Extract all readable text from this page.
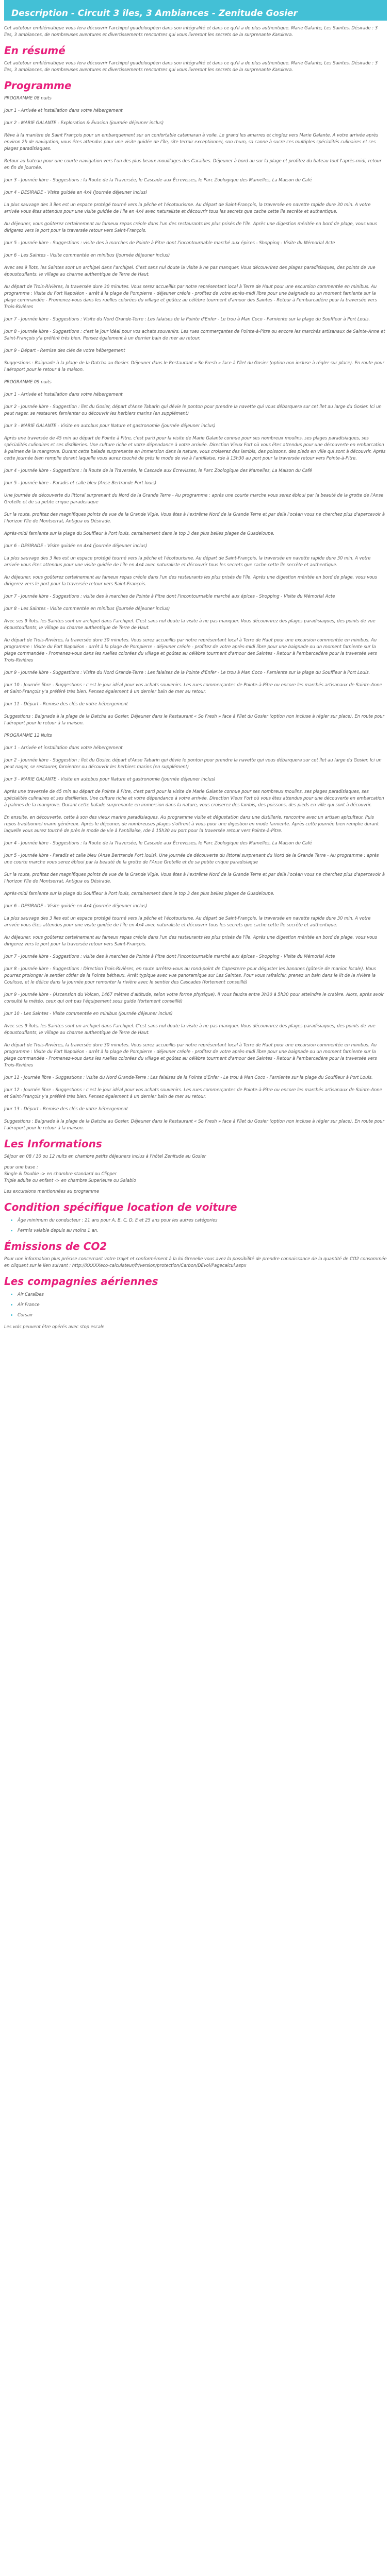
Description - Circuit 3 îles, 3 Ambiances - Zenitude Gosier

Cet autotour emblématique vous fera découvrir l'archipel guadeloupéen dans son intégralité et dans ce qu'il a de plus authentique. Marie Galante, Les Saintes, Désirade : 3 îles, 3 ambiances, de nombreuses aventures et divertissements rencontres qui vous livreront les secrets de la surprenante Karukera.

En résumé

Cet autotour emblématique vous fera découvrir l'archipel guadeloupéen dans son intégralité et dans ce qu'il a de plus authentique. Marie Galante, Les Saintes, Désirade : 3 îles, 3 ambiances, de nombreuses aventures et divertissements rencontres qui vous livreront les secrets de la surprenante Karukera.

Programme

PROGRAMME 08 nuits

Jour 1 - Arrivée et installation dans votre hébergement

Jour 2 - MARIE GALANTE - Exploration & Évasion (journée déjeuner inclus)

Rêve à la manière de Saint François pour un embarquement sur un confortable catamaran à voile. Le grand les amarres et cinglez vers Marie Galante. A votre arrivée après environ 2h de navigation, vous êtes attendus pour une visite guidée de l'île, site terroir exceptionnel, son rhum, sa canne à sucre ces multiples spécialités culinaires et ses plages paradisiaques.

Retour au bateau pour une courte navigation vers l'un des plus beaux mouillages des Caraïbes. Déjeuner à bord au sur la plage et profitez du bateau tout l'après-midi, retour en fin de journée.

Jour 3 - Journée libre - Suggestions : la Route de la Traversée, le Cascade aux Écrevisses, le Parc Zoologique des Mamelles, La Maison du Café

Jour 4 - DESIRADE - Visite guidée en 4x4 (journée déjeuner inclus)

La plus sauvage des 3 îles est un espace protégé tourné vers la pêche et l'écotourisme. Au départ de Saint-François, la traversée en navette rapide dure 30 min. A votre arrivée vous êtes attendus pour une visite guidée de l'île en 4x4 avec naturaliste et découvrir tous les secrets que cache cette île secrète et authentique.

Au déjeuner, vous goûterez certainement au fameux repas créole dans l'un des restaurants les plus prisés de l'île. Après une digestion méritée en bord de plage, vous vous dirigerez vers le port pour la traversée retour vers Saint-François.

Jour 5 - Journée libre - Suggestions : visite des à marches de Pointe à Pitre dont l'incontournable marché aux épices - Shopping - Visite du Mémorial Acte

Jour 6 - Les Saintes - Visite commentée en minibus (journée déjeuner inclus)

Avec ses 9 îlots, les Saintes sont un archipel dans l'archipel. C'est sans nul doute la visite à ne pas manquer. Vous découvrirez des plages paradisiaques, des points de vue époustouflants, le village au charme authentique de Terre de Haut.

Au départ de Trois-Rivières, la traversée dure 30 minutes. Vous serez accueillis par notre représentant local à Terre de Haut pour une excursion commentée en minibus. Au programme : Visite du Fort Napoléon - arrêt à la plage de Pompierre - déjeuner créole - profitez de votre après-midi libre pour une baignade ou un moment farniente sur la plage commandée - Promenez-vous dans les ruelles colorées du village et goûtez au célèbre tourment d'amour des Saintes - Retour à l'embarcadère pour la traversée vers Trois-Rivières

Jour 7 - Journée libre - Suggestions : Visite du Nord Grande-Terre : Les falaises de la Pointe d'Enfer - Le trou à Man Coco - Farniente sur la plage du Souffleur à Port Louis.

Jour 8 - Journée libre - Suggestions : c'est le jour idéal pour vos achats souvenirs. Les rues commerçantes de Pointe-à-Pitre ou encore les marchés artisanaux de Sainte-Anne et Saint-François y'a préféré très bien. Pensez également à un dernier bain de mer au retour.

Jour 9 - Départ - Remise des clés de votre hébergement

Suggestions : Baignade à la plage de la Datcha au Gosier. Déjeuner dans le Restaurant « So Fresh » face à l'îlet du Gosier (option non incluse à régler sur place). En route pour l'aéroport pour le retour à la maison.

PROGRAMME 09 nuits

Jour 1 - Arrivée et installation dans votre hébergement

Jour 2 - Journée libre - Suggestion : îlet du Gosier, départ d'Anse Tabarin qui dévie le ponton pour prendre la navette qui vous débarquera sur cet îlet au large du Gosier. Ici un peut nager, se restaurer, farnienter ou découvrir les herbiers marins (en supplément)

Jour 3 - MARIE GALANTE - Visite en autobus pour Nature et gastronomie (journée déjeuner inclus)

Après une traversée de 45 min au départ de Pointe à Pitre, c'est parti pour la visite de Marie Galante connue pour ses nombreux moulins, ses plages paradisiaques, ses spécialités culinaires et ses distilleries. Une culture riche et votre dépendance à votre arrivée. Direction Vieux Fort où vous êtes attendus pour une découverte en embarcation à palmes de la mangrove. Durant cette balade surprenante en immersion dans la nature, vous croiserez des lambis, des poissons, des pieds en ville qui sont à découvrir. Après cette journée bien remplie durant laquelle vous aurez touché de près le mode de vie à l'antillaise, rde à 15h30 au port pour la traversée retour vers Pointe-à-Pitre.

Jour 4 - Journée libre - Suggestions : la Route de la Traversée, le Cascade aux Écrevisses, le Parc Zoologique des Mamelles, La Maison du Café

Jour 5 - Journée libre - Paradis et calle bleu (Anse Bertrande Port louis)

Une journée de découverte du littoral surprenant du Nord de la Grande Terre - Au programme : après une courte marche vous serez ébloui par la beauté de la grotte de l'Anse Grotelle et de sa petite crique paradisiaque

Sur la route, profitez des magnifiques points de vue de la Grande Vigie. Vous êtes à l'extrême Nord de la Grande Terre et par delà l'océan vous ne cherchez plus d'apercevoir à l'horizon l'île de Montserrat, Antigua ou Désirade.

Après-midi farniente sur la plage du Souffleur à Port louis, certainement dans le top 3 des plus belles plages de Guadeloupe.

Jour 6 - DESIRADE - Visite guidée en 4x4 (journée déjeuner inclus)

La plus sauvage des 3 îles est un espace protégé tourné vers la pêche et l'écotourisme. Au départ de Saint-François, la traversée en navette rapide dure 30 min. A votre arrivée vous êtes attendus pour une visite guidée de l'île en 4x4 avec naturaliste et découvrir tous les secrets que cache cette île secrète et authentique.

Au déjeuner, vous goûterez certainement au fameux repas créole dans l'un des restaurants les plus prisés de l'île. Après une digestion méritée en bord de plage, vous vous dirigerez vers le port pour la traversée retour vers Saint-François.

Jour 7 - Journée libre - Suggestions : visite des à marches de Pointe à Pitre dont l'incontournable marché aux épices - Shopping - Visite du Mémorial Acte

Jour 8 - Les Saintes - Visite commentée en minibus (journée déjeuner inclus)

Avec ses 9 îlots, les Saintes sont un archipel dans l'archipel. C'est sans nul doute la visite à ne pas manquer. Vous découvrirez des plages paradisiaques, des points de vue époustouflants, le village au charme authentique de Terre de Haut.

Au départ de Trois-Rivières, la traversée dure 30 minutes. Vous serez accueillis par notre représentant local à Terre de Haut pour une excursion commentée en minibus. Au programme : Visite du Fort Napoléon - arrêt à la plage de Pompierre - déjeuner créole - profitez de votre après-midi libre pour une baignade ou un moment farniente sur la plage commandée - Promenez-vous dans les ruelles colorées du village et goûtez au célèbre tourment d'amour des Saintes - Retour à l'embarcadère pour la traversée vers Trois-Rivières

Jour 9 - Journée libre - Suggestions : Visite du Nord Grande-Terre : Les falaises de la Pointe d'Enfer - Le trou à Man Coco - Farniente sur la plage du Souffleur à Port Louis.

Jour 10 - Journée libre - Suggestions : c'est le jour idéal pour vos achats souvenirs. Les rues commerçantes de Pointe-à-Pitre ou encore les marchés artisanaux de Sainte-Anne et Saint-François y'a préféré très bien. Pensez également à un dernier bain de mer au retour.

Jour 11 - Départ - Remise des clés de votre hébergement

Suggestions : Baignade à la plage de la Datcha au Gosier. Déjeuner dans le Restaurant « So Fresh » face à l'îlet du Gosier (option non incluse à régler sur place). En route pour l'aéroport pour le retour à la maison.

PROGRAMME 12 Nuits

Jour 1 - Arrivée et installation dans votre hébergement

Jour 2 - Journée libre - Suggestion : îlet du Gosier, départ d'Anse Tabarin qui dévie le ponton pour prendre la navette qui vous débarquera sur cet îlet au large du Gosier. Ici un peut nager, se restaurer, farnienter ou découvrir les herbiers marins (en supplément)

Jour 3 - MARIE GALANTE - Visite en autobus pour Nature et gastronomie (journée déjeuner inclus)

Après une traversée de 45 min au départ de Pointe à Pitre, c'est parti pour la visite de Marie Galante connue pour ses nombreux moulins, ses plages paradisiaques, ses spécialités culinaires et ses distilleries. Une culture riche et votre dépendance à votre arrivée. Direction Vieux Fort où vous êtes attendus pour une découverte en embarcation à palmes de la mangrove. Durant cette balade surprenante en immersion dans la nature, vous croiserez des lambis, des poissons, des pieds en ville qui sont à découvrir.

En ensuite, en découverte, cette à son des vieux marins paradisiaques. Au programme visite et dégustation dans une distillerie, rencontre avec un artisan apiculteur. Puis repos traditionnel marin généreux. Après le déjeuner, de nombreuses plages s'offrent à vous pour une digestion en mode farniente. Après cette journée bien remplie durant laquelle vous aurez touché de près le mode de vie à l'antillaise, rde à 15h30 au port pour la traversée retour vers Pointe-à-Pitre.

Jour 4 - Journée libre - Suggestions : la Route de la Traversée, le Cascade aux Écrevisses, le Parc Zoologique des Mamelles, La Maison du Café

Jour 5 - Journée libre - Paradis et calle bleu (Anse Bertrande Port louis). Une journée de découverte du littoral surprenant du Nord de la Grande Terre - Au programme : après une courte marche vous serez ébloui par la beauté de la grotte de l'Anse Grotelle et de sa petite crique paradisiaque

Sur la route, profitez des magnifiques points de vue de la Grande Vigie. Vous êtes à l'extrême Nord de la Grande Terre et par delà l'océan vous ne cherchez plus d'apercevoir à l'horizon l'île de Montserrat, Antigua ou Désirade.

Après-midi farniente sur la plage du Souffleur à Port louis, certainement dans le top 3 des plus belles plages de Guadeloupe.

Jour 6 - DESIRADE - Visite guidée en 4x4 (journée déjeuner inclus)

La plus sauvage des 3 îles est un espace protégé tourné vers la pêche et l'écotourisme. Au départ de Saint-François, la traversée en navette rapide dure 30 min. A votre arrivée vous êtes attendus pour une visite guidée de l'île en 4x4 avec naturaliste et découvrir tous les secrets que cache cette île secrète et authentique.

Au déjeuner, vous goûterez certainement au fameux repas créole dans l'un des restaurants les plus prisés de l'île. Après une digestion méritée en bord de plage, vous vous dirigerez vers le port pour la traversée retour vers Saint-François.

Jour 7 - Journée libre - Suggestions : visite des à marches de Pointe à Pitre dont l'incontournable marché aux épices - Shopping - Visite du Mémorial Acte

Jour 8 - Journée libre - Suggestions : Direction Trois-Rivières, en route arrêtez-vous au rond-point de Capesterre pour déguster les bananes (gâterie de manioc locale). Vous pourrez prolonger le sentier côtier de la Pointe bétheux. Arrêt typique avec vue panoramique sur Les Saintes. Pour vous rafraîchir, prenez un bain dans le lit de la rivière la Coulisse, et le délice dans la journée pour remonter la rivière avec le sentier des Cascades (fortement conseillé)

Jour 9 - Journée libre - (Ascension du Volcan, 1467 mètres d'altitude, selon votre forme physique). Il vous faudra entre 3h30 à 5h30 pour atteindre le cratère. Alors, après avoir consulté la météo, ceux qui ont pas l'équipement sous guide (fortement conseillé)

Jour 10 - Les Saintes - Visite commentée en minibus (journée déjeuner inclus)

Avec ses 9 îlots, les Saintes sont un archipel dans l'archipel. C'est sans nul doute la visite à ne pas manquer. Vous découvrirez des plages paradisiaques, des points de vue époustouflants, le village au charme authentique de Terre de Haut.

Au départ de Trois-Rivières, la traversée dure 30 minutes. Vous serez accueillis par notre représentant local à Terre de Haut pour une excursion commentée en minibus. Au programme : Visite du Fort Napoléon - arrêt à la plage de Pompierre - déjeuner créole - profitez de votre après-midi libre pour une baignade ou un moment farniente sur la plage commandée - Promenez-vous dans les ruelles colorées du village et goûtez au célèbre tourment d'amour des Saintes - Retour à l'embarcadère pour la traversée vers Trois-Rivières

Jour 11 - Journée libre - Suggestions : Visite du Nord Grande-Terre : Les falaises de la Pointe d'Enfer - Le trou à Man Coco - Farniente sur la plage du Souffleur à Port Louis.

Jour 12 - Journée libre - Suggestions : c'est le jour idéal pour vos achats souvenirs. Les rues commerçantes de Pointe-à-Pitre ou encore les marchés artisanaux de Sainte-Anne et Saint-François y'a préféré très bien. Pensez également à un dernier bain de mer au retour.

Jour 13 - Départ - Remise des clés de votre hébergement

Suggestions : Baignade à la plage de la Datcha au Gosier. Déjeuner dans le Restaurant « So Fresh » face à l'îlet du Gosier (option non incluse à régler sur place). En route pour l'aéroport pour le retour à la maison.

Les Informations

Séjour en 08 / 10 ou 12 nuits en chambre petits déjeuners inclus à l'hôtel Zenitude au Gosier

pour une base :

Single & Double -> en chambre standard ou Clipper

Triple adulte ou enfant -> en chambre Superieure ou Salabio

Les excursions mentionnées au programme

Condition spécifique location de voiture
• Âge minimum du conducteur : 21 ans pour A, B, C, D, E et 25 ans pour les autres catégories
• Permis valable depuis au moins 1 an.
Émissions de CO2

Pour une information plus précise concernant votre trajet et conformément à la loi Grenelle vous avez la possibilité de prendre connaissance de la quantité de CO2 consommée en cliquant sur le lien suivant : http://XXXXXeco-calculateur/fr/version/protection/Carbon/DEvol/Pagecalcul.aspx

Les compagnies aériennes
• Air Caraïbes
• Air France
• Corsair
Les vols peuvent être opérés avec stop escale
